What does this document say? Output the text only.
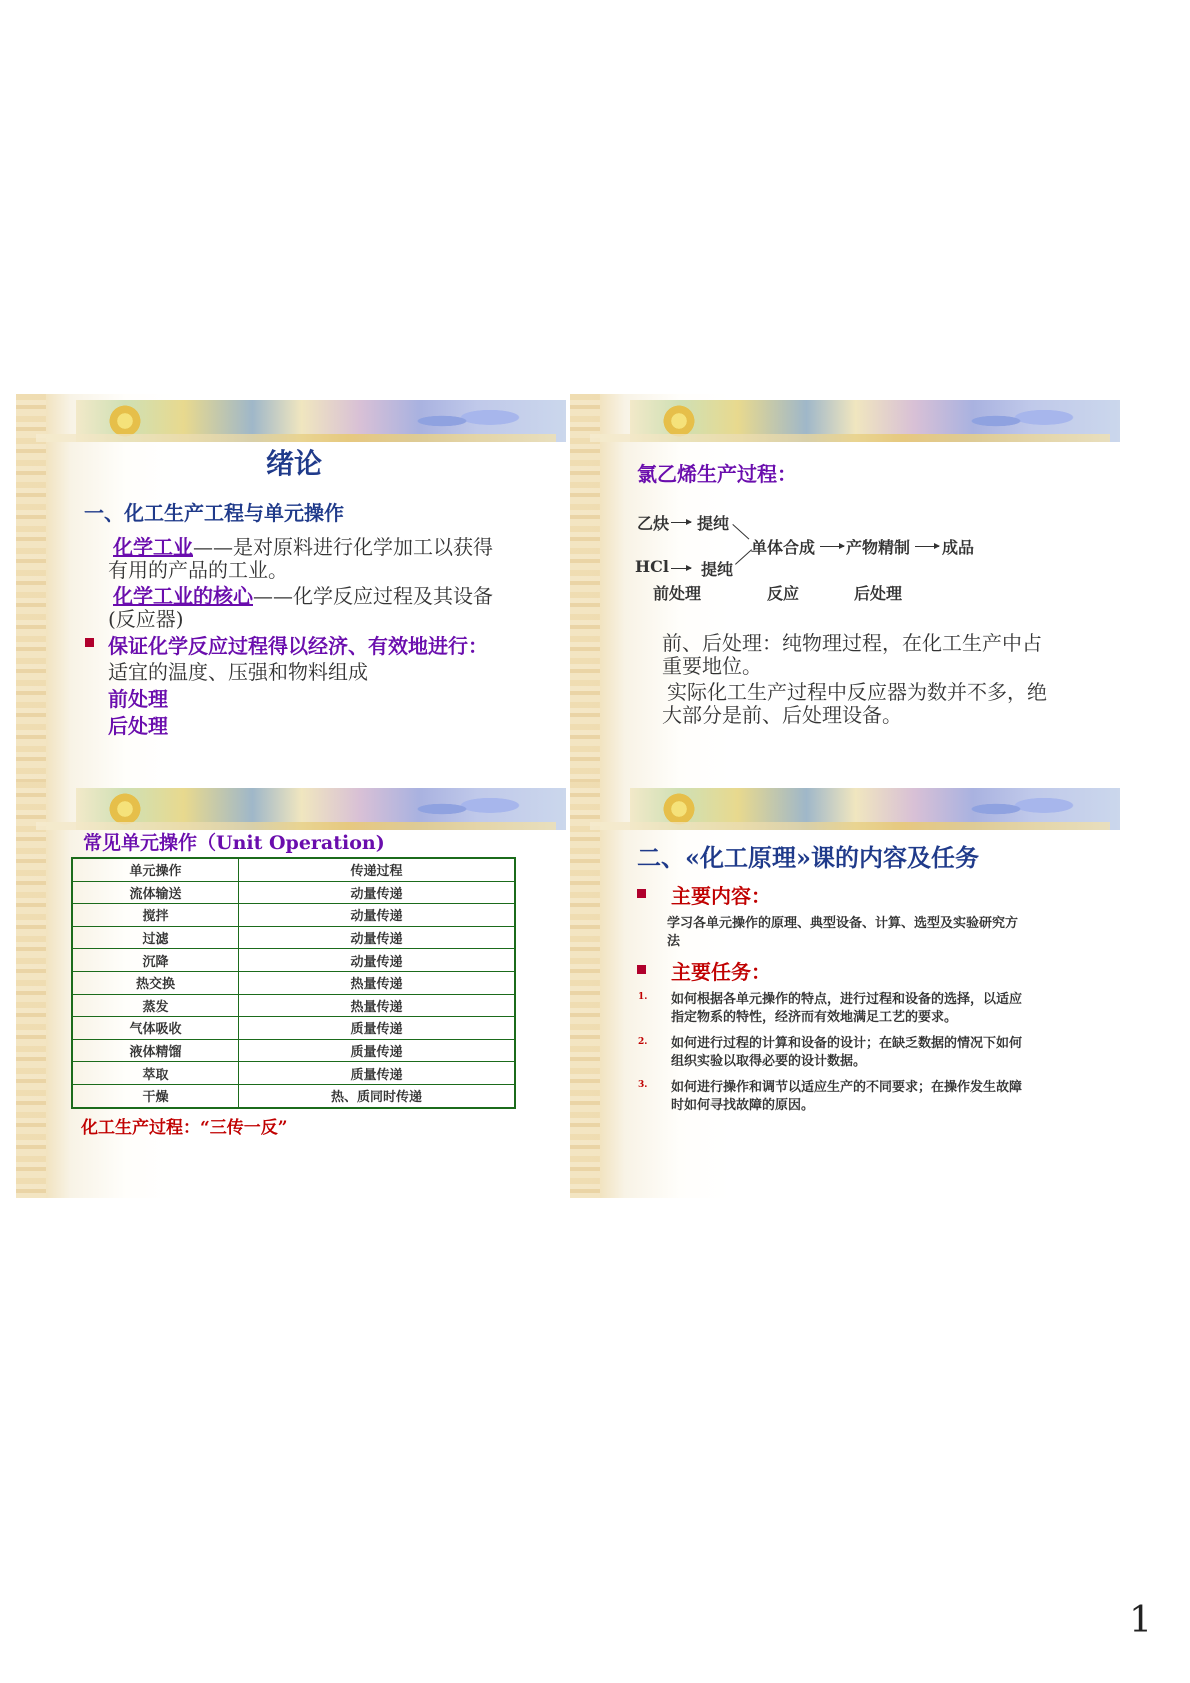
绪论
一、化工生产工程与单元操作
化学工业——是对原料进行化学加工以获得
有用的产品的工业。
化学工业的核心——化学反应过程及其设备
(反应器)
保证化学反应过程得以经济、有效地进行：
适宜的温度、压强和物料组成
前处理
后处理
氯乙烯生产过程：
乙炔 提纯
HCl 提纯
单体合成 产物精制 成品
前处理	反应	后处理
前、后处理：纯物理过程，在化工生产中占
重要地位。
实际化工生产过程中反应器为数并不多，绝
大部分是前、后处理设备。
常见单元操作（Unit Operation)
单元操作	传递过程
流体输送	动量传递
搅拌	动量传递
过滤	动量传递
沉降	动量传递
热交换	热量传递
蒸发	热量传递
气体吸收	质量传递
液体精馏	质量传递
萃取	质量传递
干燥	热、质同时传递
化工生产过程：“三传一反”
二、«化工原理»课的内容及任务
主要内容：
学习各单元操作的原理、典型设备、计算、选型及实验研究方
法
主要任务：
1. 如何根据各单元操作的特点，进行过程和设备的选择，以适应
指定物系的特性，经济而有效地满足工艺的要求。
2. 如何进行过程的计算和设备的设计；在缺乏数据的情况下如何
组织实验以取得必要的设计数据。
3. 如何进行操作和调节以适应生产的不同要求；在操作发生故障
时如何寻找故障的原因。
1
